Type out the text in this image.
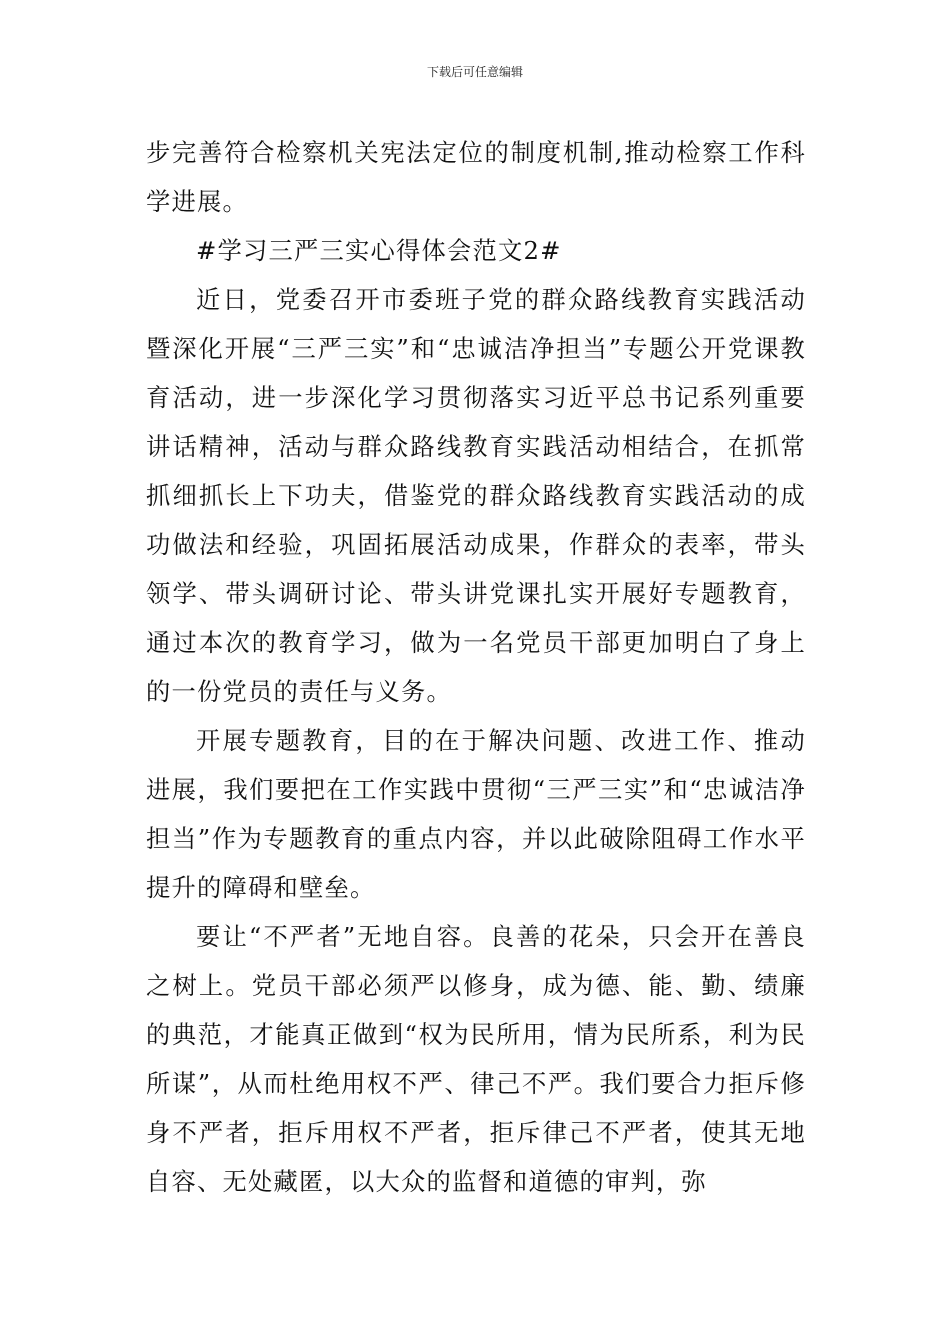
下载后可任意编辑

步完善符合检察机关宪法定位的制度机制,推动检察工作科学进展。

#学习三严三实心得体会范文2#

近日，党委召开市委班子党的群众路线教育实践活动暨深化开展“三严三实”和“忠诚洁净担当”专题公开党课教育活动，进一步深化学习贯彻落实习近平总书记系列重要讲话精神，活动与群众路线教育实践活动相结合，在抓常抓细抓长上下功夫，借鉴党的群众路线教育实践活动的成功做法和经验，巩固拓展活动成果，作群众的表率，带头领学、带头调研讨论、带头讲党课扎实开展好专题教育，通过本次的教育学习，做为一名党员干部更加明白了身上的一份党员的责任与义务。

开展专题教育，目的在于解决问题、改进工作、推动进展，我们要把在工作实践中贯彻“三严三实”和“忠诚洁净担当”作为专题教育的重点内容，并以此破除阻碍工作水平提升的障碍和壁垒。

要让“不严者”无地自容。良善的花朵，只会开在善良之树上。党员干部必须严以修身，成为德、能、勤、绩廉的典范，才能真正做到“权为民所用，情为民所系，利为民所谋”，从而杜绝用权不严、律己不严。我们要合力拒斥修身不严者，拒斥用权不严者，拒斥律己不严者，使其无地自容、无处藏匿，以大众的监督和道德的审判，弥
